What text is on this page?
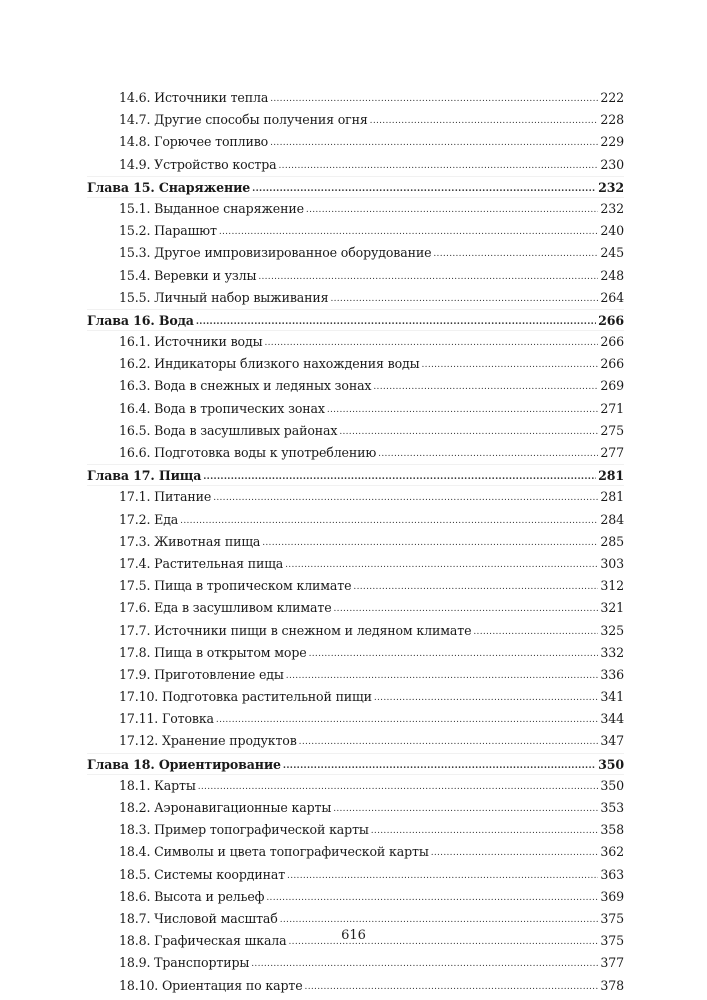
14.6. Источники тепла .....	222
14.7. Другие способы получения огня .....	228
14.8. Горючее топливо .....	229
14.9. Устройство костра .....	230
Глава 15. Снаряжение .....	232
15.1. Выданное снаряжение .....	232
15.2. Парашют .....	240
15.3. Другое импровизированное оборудование .....	245
15.4. Веревки и узлы .....	248
15.5. Личный набор выживания .....	264
Глава 16. Вода .....	266
16.1. Источники воды .....	266
16.2. Индикаторы близкого нахождения воды .....	266
16.3. Вода в снежных и ледяных зонах .....	269
16.4. Вода в тропических зонах .....	271
16.5. Вода в засушливых районах .....	275
16.6. Подготовка воды к употреблению .....	277
Глава 17. Пища .....	281
17.1. Питание .....	281
17.2. Еда .....	284
17.3. Животная пища .....	285
17.4. Растительная пища .....	303
17.5. Пища в тропическом климате .....	312
17.6. Еда в засушливом климате .....	321
17.7. Источники пищи в снежном и ледяном климате .....	325
17.8. Пища в открытом море .....	332
17.9. Приготовление еды .....	336
17.10. Подготовка растительной пищи .....	341
17.11. Готовка .....	344
17.12. Хранение продуктов .....	347
Глава 18. Ориентирование .....	350
18.1. Карты .....	350
18.2. Аэронавигационные карты .....	353
18.3. Пример топографической карты .....	358
18.4. Символы и цвета топографической карты .....	362
18.5. Системы координат .....	363
18.6. Высота и рельеф .....	369
18.7. Числовой масштаб .....	375
18.8. Графическая шкала .....	375
18.9. Транспортиры .....	377
18.10. Ориентация по карте .....	378
616
